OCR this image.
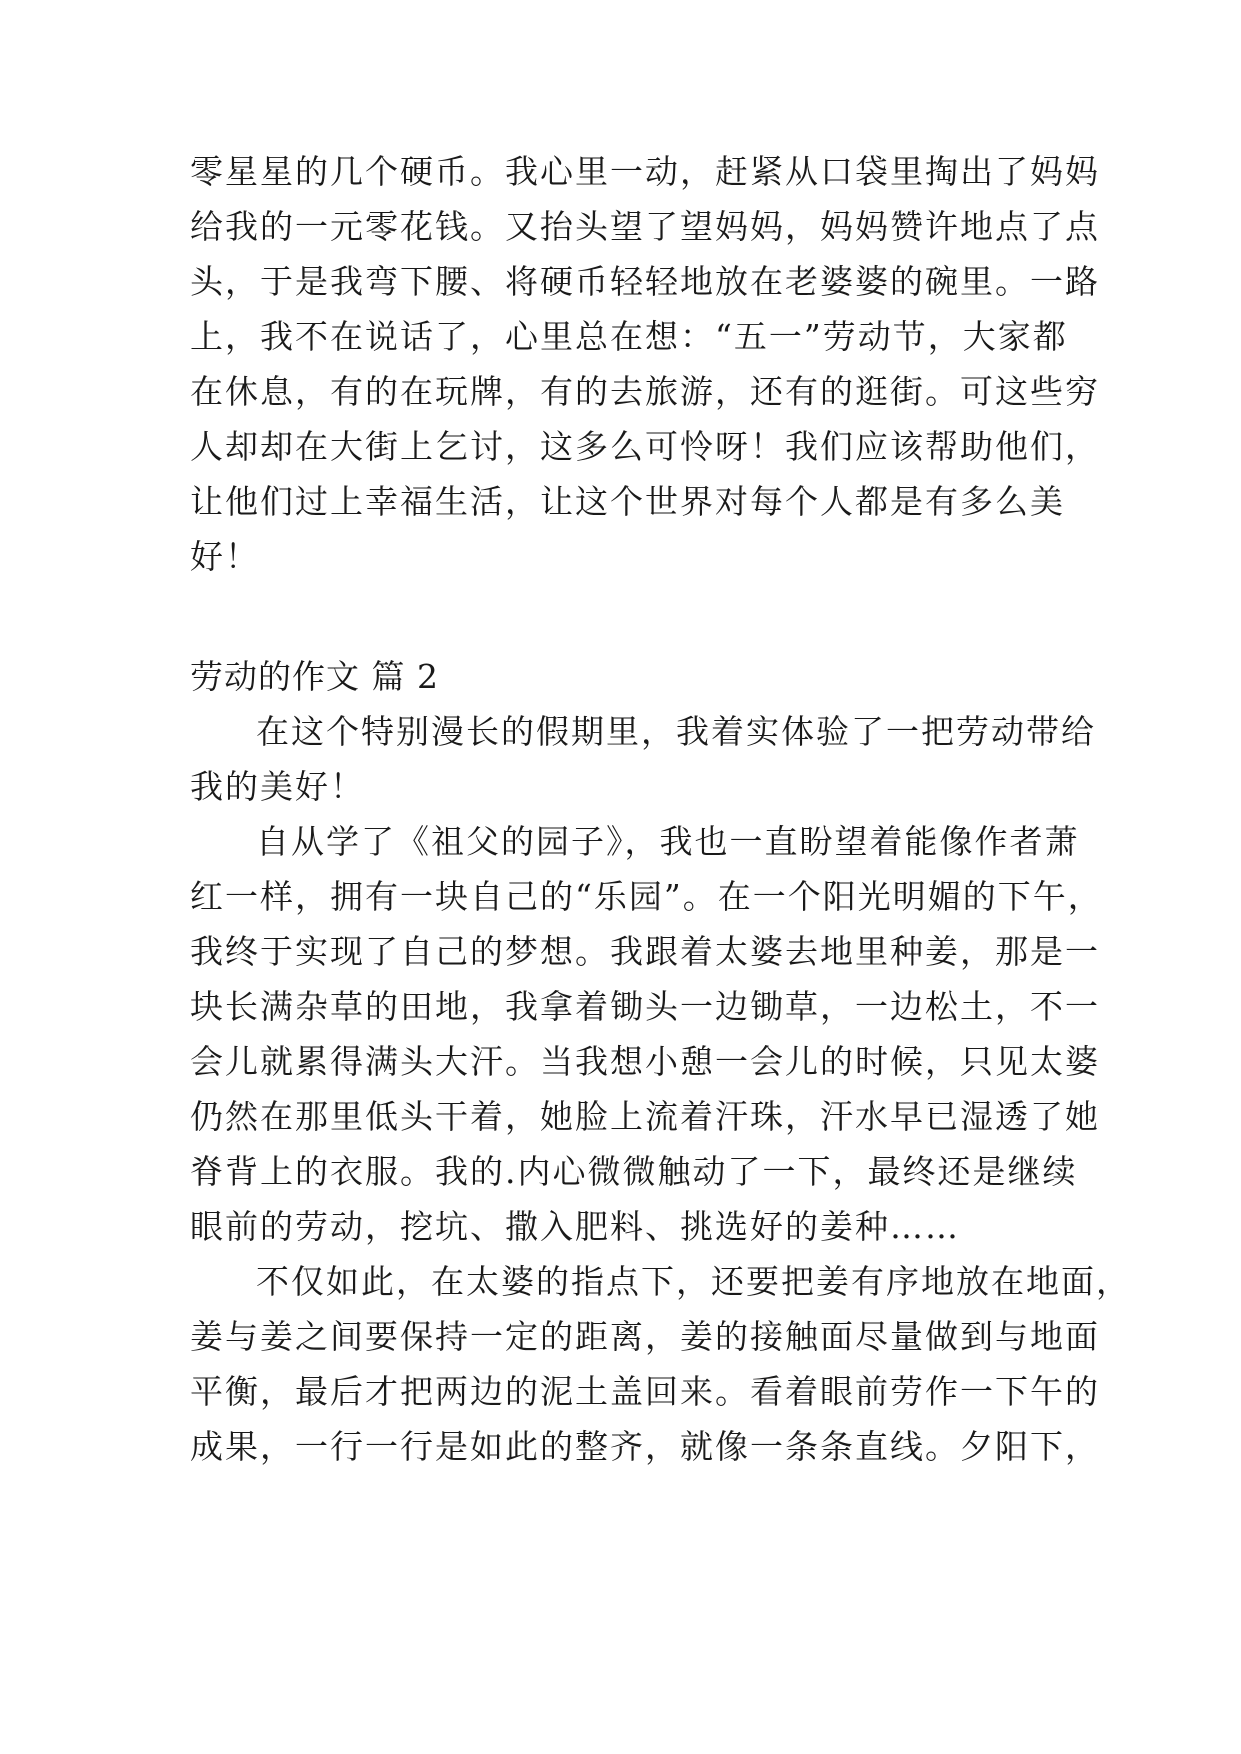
零星星的几个硬币。我心里一动，赶紧从口袋里掏出了妈妈
给我的一元零花钱。又抬头望了望妈妈，妈妈赞许地点了点
头，于是我弯下腰、将硬币轻轻地放在老婆婆的碗里。一路
上，我不在说话了，心里总在想：“五一”劳动节，大家都
在休息，有的在玩牌，有的去旅游，还有的逛街。可这些穷
人却却在大街上乞讨，这多么可怜呀！我们应该帮助他们，
让他们过上幸福生活，让这个世界对每个人都是有多么美
好！
劳动的作文 篇 2
在这个特别漫长的假期里，我着实体验了一把劳动带给
我的美好！
自从学了《祖父的园子》，我也一直盼望着能像作者萧
红一样，拥有一块自己的“乐园”。在一个阳光明媚的下午，
我终于实现了自己的梦想。我跟着太婆去地里种姜，那是一
块长满杂草的田地，我拿着锄头一边锄草，一边松土，不一
会儿就累得满头大汗。当我想小憩一会儿的时候，只见太婆
仍然在那里低头干着，她脸上流着汗珠，汗水早已湿透了她
脊背上的衣服。我的.内心微微触动了一下，最终还是继续
眼前的劳动，挖坑、撒入肥料、挑选好的姜种……
不仅如此，在太婆的指点下，还要把姜有序地放在地面，
姜与姜之间要保持一定的距离，姜的接触面尽量做到与地面
平衡，最后才把两边的泥土盖回来。看着眼前劳作一下午的
成果，一行一行是如此的整齐，就像一条条直线。夕阳下，
